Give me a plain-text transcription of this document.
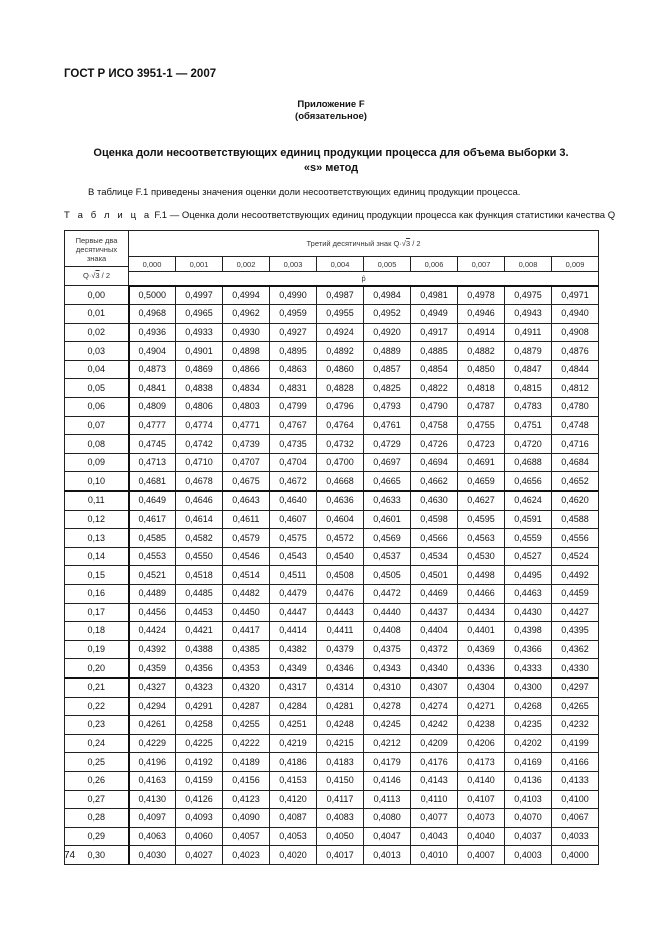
ГОСТ Р ИСО 3951-1 — 2007
Приложение F
(обязательное)
Оценка доли несоответствующих единиц продукции процесса для объема выборки 3.
«s» метод
В таблице F.1 приведены значения оценки доли несоответствующих единиц продукции процесса.
Т а б л и ц а F.1 — Оценка доли несоответствующих единиц продукции процесса как функция статистики качества Q
Первые два
десятичных
знака
Q·√3 / 2	Третий десятичный знак Q·√3 / 2									
	0,000	0,001	0,002	0,003	0,004	0,005	0,006	0,007	0,008	0,009
	p̂									
0,00	0,5000	0,4997	0,4994	0,4990	0,4987	0,4984	0,4981	0,4978	0,4975	0,4971
0,01	0,4968	0,4965	0,4962	0,4959	0,4955	0,4952	0,4949	0,4946	0,4943	0,4940
0,02	0,4936	0,4933	0,4930	0,4927	0,4924	0,4920	0,4917	0,4914	0,4911	0,4908
0,03	0,4904	0,4901	0,4898	0,4895	0,4892	0,4889	0,4885	0,4882	0,4879	0,4876
0,04	0,4873	0,4869	0,4866	0,4863	0,4860	0,4857	0,4854	0,4850	0,4847	0,4844
0,05	0,4841	0,4838	0,4834	0,4831	0,4828	0,4825	0,4822	0,4818	0,4815	0,4812
0,06	0,4809	0,4806	0,4803	0,4799	0,4796	0,4793	0,4790	0,4787	0,4783	0,4780
0,07	0,4777	0,4774	0,4771	0,4767	0,4764	0,4761	0,4758	0,4755	0,4751	0,4748
0,08	0,4745	0,4742	0,4739	0,4735	0,4732	0,4729	0,4726	0,4723	0,4720	0,4716
0,09	0,4713	0,4710	0,4707	0,4704	0,4700	0,4697	0,4694	0,4691	0,4688	0,4684
0,10	0,4681	0,4678	0,4675	0,4672	0,4668	0,4665	0,4662	0,4659	0,4656	0,4652
0,11	0,4649	0,4646	0,4643	0,4640	0,4636	0,4633	0,4630	0,4627	0,4624	0,4620
0,12	0,4617	0,4614	0,4611	0,4607	0,4604	0,4601	0,4598	0,4595	0,4591	0,4588
0,13	0,4585	0,4582	0,4579	0,4575	0,4572	0,4569	0,4566	0,4563	0,4559	0,4556
0,14	0,4553	0,4550	0,4546	0,4543	0,4540	0,4537	0,4534	0,4530	0,4527	0,4524
0,15	0,4521	0,4518	0,4514	0,4511	0,4508	0,4505	0,4501	0,4498	0,4495	0,4492
0,16	0,4489	0,4485	0,4482	0,4479	0,4476	0,4472	0,4469	0,4466	0,4463	0,4459
0,17	0,4456	0,4453	0,4450	0,4447	0,4443	0,4440	0,4437	0,4434	0,4430	0,4427
0,18	0,4424	0,4421	0,4417	0,4414	0,4411	0,4408	0,4404	0,4401	0,4398	0,4395
0,19	0,4392	0,4388	0,4385	0,4382	0,4379	0,4375	0,4372	0,4369	0,4366	0,4362
0,20	0,4359	0,4356	0,4353	0,4349	0,4346	0,4343	0,4340	0,4336	0,4333	0,4330
0,21	0,4327	0,4323	0,4320	0,4317	0,4314	0,4310	0,4307	0,4304	0,4300	0,4297
0,22	0,4294	0,4291	0,4287	0,4284	0,4281	0,4278	0,4274	0,4271	0,4268	0,4265
0,23	0,4261	0,4258	0,4255	0,4251	0,4248	0,4245	0,4242	0,4238	0,4235	0,4232
0,24	0,4229	0,4225	0,4222	0,4219	0,4215	0,4212	0,4209	0,4206	0,4202	0,4199
0,25	0,4196	0,4192	0,4189	0,4186	0,4183	0,4179	0,4176	0,4173	0,4169	0,4166
0,26	0,4163	0,4159	0,4156	0,4153	0,4150	0,4146	0,4143	0,4140	0,4136	0,4133
0,27	0,4130	0,4126	0,4123	0,4120	0,4117	0,4113	0,4110	0,4107	0,4103	0,4100
0,28	0,4097	0,4093	0,4090	0,4087	0,4083	0,4080	0,4077	0,4073	0,4070	0,4067
0,29	0,4063	0,4060	0,4057	0,4053	0,4050	0,4047	0,4043	0,4040	0,4037	0,4033
0,30	0,4030	0,4027	0,4023	0,4020	0,4017	0,4013	0,4010	0,4007	0,4003	0,4000
74
